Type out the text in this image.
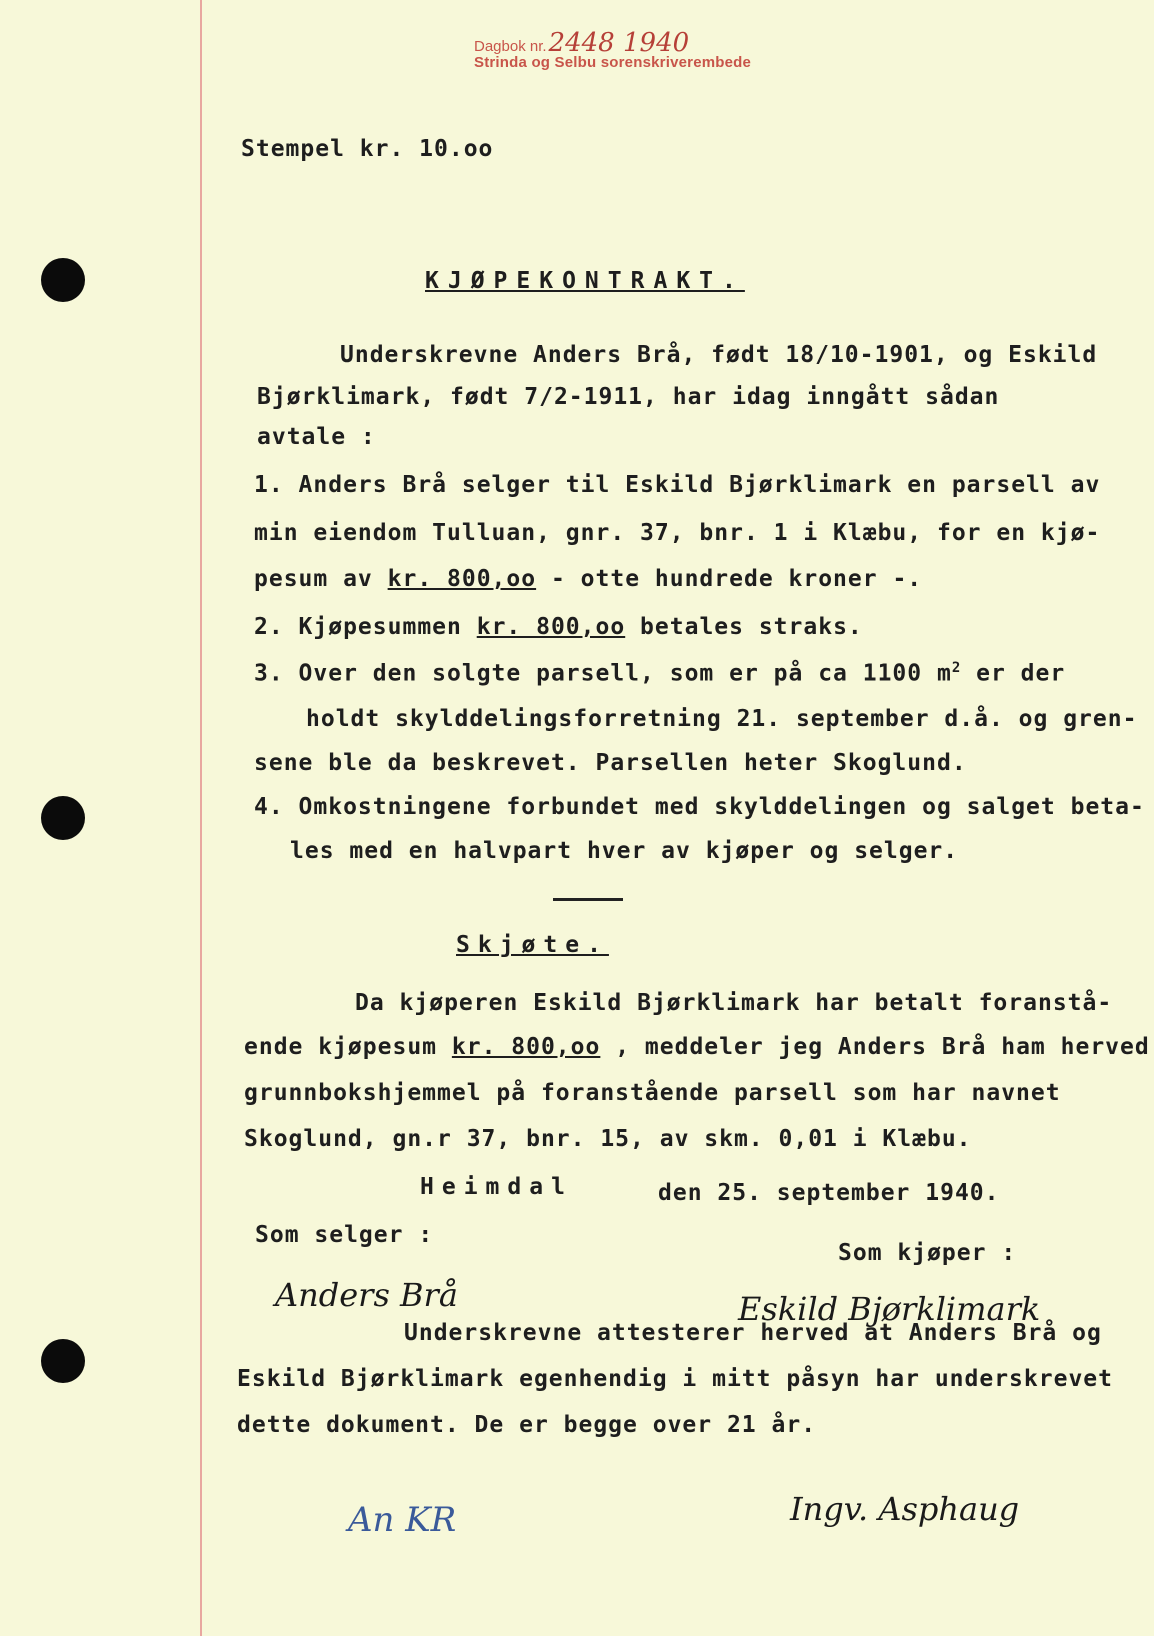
Dagbok nr.2448 1940
Strinda og Selbu sorenskriverembede
Stempel kr. 10.oo
KJØPEKONTRAKT.
Underskrevne Anders Brå, født 18/10-1901, og Eskild
Bjørklimark, født 7/2-1911, har idag inngått sådan
avtale :
1. Anders Brå selger til Eskild Bjørklimark en parsell av
min eiendom Tulluan, gnr. 37, bnr. 1 i Klæbu, for en kjø-
pesum av kr. 800,oo - otte hundrede kroner -.
2. Kjøpesummen kr. 800,oo betales straks.
3. Over den solgte parsell, som er på ca 1100 $m^2$ er der
holdt skylddelingsforretning 21. september d.å. og gren-
sene ble da beskrevet. Parsellen heter Skoglund.
4. Omkostningene forbundet med skylddelingen og salget beta-
les med en halvpart hver av kjøper og selger.
Skjøte.
Da kjøperen Eskild Bjørklimark har betalt foranstå-
ende kjøpesum kr. 800,oo , meddeler jeg Anders Brå ham herved
grunnbokshjemmel på foranstående parsell som har navnet
Skoglund, gn.r 37, bnr. 15, av skm. 0,01 i Klæbu.
Heimdal	den 25. september 1940.
Som selger :
Som kjøper :
Anders Brå	Eskild Bjørklimark
Underskrevne attesterer herved at Anders Brå og
Eskild Bjørklimark egenhendig i mitt påsyn har underskrevet
dette dokument. De er begge over 21 år.
Ingv. Asphaug
An KR
